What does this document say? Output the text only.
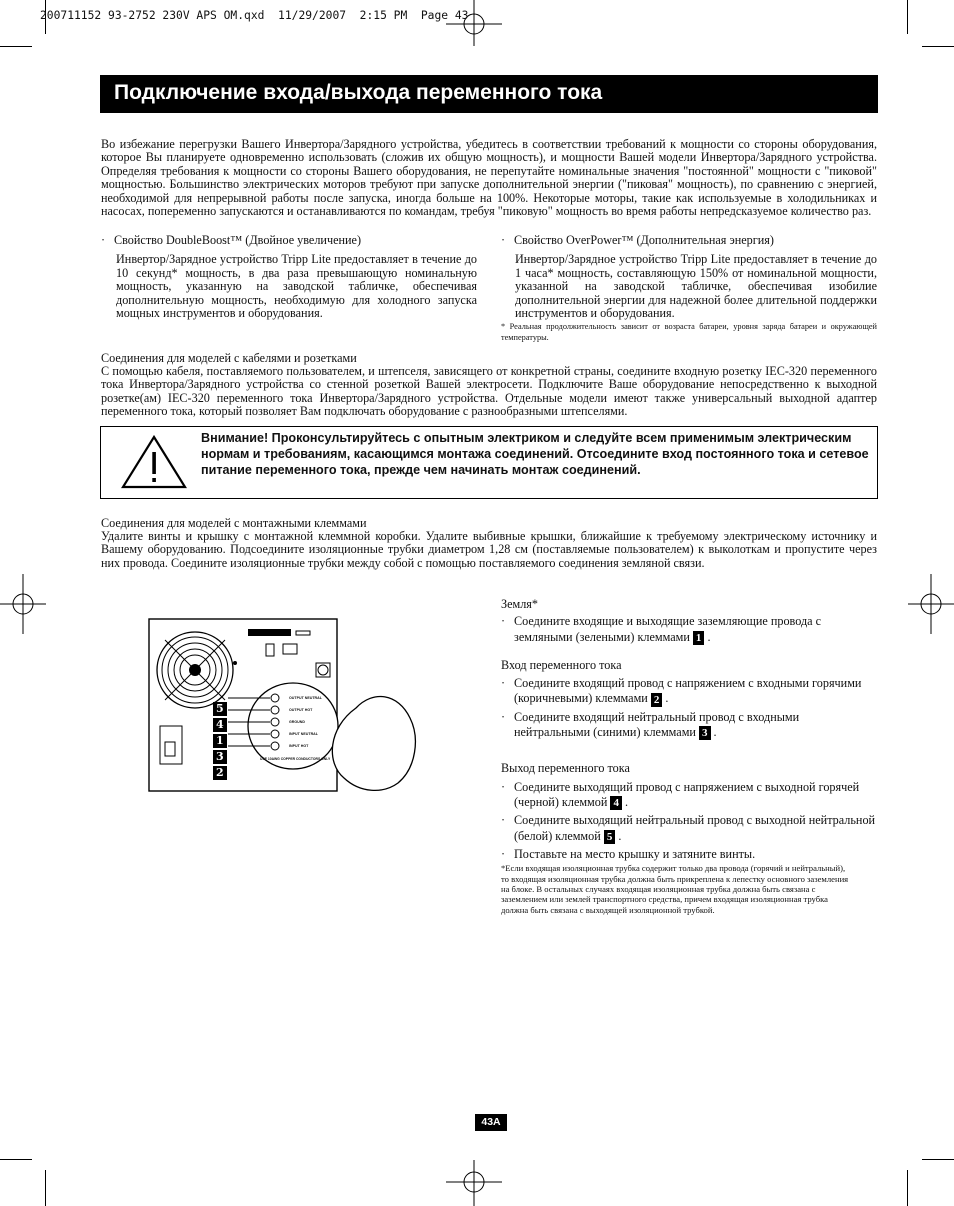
200711152 93-2752 230V APS OM.qxd  11/29/2007  2:15 PM  Page 43
Подключение входа/выхода переменного тока
Во избежание перегрузки Вашего Инвертора/Зарядного устройства, убедитесь в соответствии требований к мощности со стороны оборудования, которое Вы планируете одновременно использовать (сложив их общую мощность), и мощности Вашей модели Инвертора/Зарядного устройства. Определяя требования к мощности со стороны Вашего оборудования, не перепутайте номинальные значения "постоянной" мощности с "пиковой" мощностью. Большинство электрических моторов требуют при запуске дополнительной энергии ("пиковая" мощность), по сравнению с энергией, необходимой для непрерывной работы после запуска, иногда больше на 100%. Некоторые моторы, такие как используемые в холодильниках и насосах, попеременно запускаются и останавливаются по командам, требуя "пиковую" мощность во время работы непредсказуемое количество раз.
· Свойство DoubleBoost™ (Двойное увеличение)
Инвертор/Зарядное устройство Tripp Lite предоставляет в течение до 10 секунд* мощность, в два раза превышающую номинальную мощность, указанную на заводской табличке, обеспечивая дополнительную мощность, необходимую для холодного запуска мощных инструментов и оборудования.
· Свойство OverPower™ (Дополнительная энергия)
Инвертор/Зарядное устройство Tripp Lite предоставляет в течение до 1 часа* мощность, составляющую 150% от номинальной мощности, указанной на заводской табличке, обеспечивая изобилие дополнительной энергии для надежной более длительной поддержки инструментов и оборудования.
* Реальная продолжительность зависит от возраста батареи, уровня заряда батареи и окружающей температуры.
Соединения для моделей с кабелями и розетками
С помощью кабеля, поставляемого пользователем, и штепселя, зависящего от конкретной страны, соедините входную розетку IEC-320 переменного тока Инвертора/Зарядного устройства со стенной розеткой Вашей электросети. Подключите Ваше оборудование непосредственно к выходной розетке(ам) IEC-320 переменного тока Инвертора/Зарядного устройства. Отдельные модели имеют также универсальный выходной адаптер переменного тока, который позволяет Вам подключать оборудование с разнообразными штепселями.
Внимание! Проконсультируйтесь с опытным электриком и следуйте всем применимым электрическим нормам и требованиям, касающимся монтажа соединений. Отсоедините вход постоянного тока и сетевое питание переменного тока, прежде чем начинать монтаж соединений.
Соединения для моделей с монтажными клеммами
Удалите винты и крышку с монтажной клеммной коробки. Удалите выбивные крышки, ближайшие к требуемому электрическому источнику и Вашему оборудованию. Подсоедините изоляционные трубки диаметром 1,28 см (поставляемые пользователем) к выколоткам и пропустите через них провода. Соедините изоляционные трубки между собой с помощью поставляемого соединения земляной связи.
5
4
1
3
2
OUTPUT NEUTRAL
OUTPUT HOT
GROUND
INPUT NEUTRAL
INPUT HOT
USE 10AWG COPPER CONDUCTORS ONLY
Земля*
· Соедините входящие и выходящие заземляющие провода с земляными (зелеными) клеммами 1 .
Вход переменного тока
· Соедините входящий провод с напряжением с входными горячими (коричневыми) клеммами 2 .
· Соедините входящий нейтральный провод с входными нейтральными (синими) клеммами 3 .
Выход переменного тока
· Соедините выходящий провод с напряжением с выходной горячей (черной) клеммой 4 .
· Соедините выходящий нейтральный провод с выходной нейтральной (белой) клеммой 5 .
· Поставьте на место крышку и затяните винты.
*Если входящая изоляционная трубка содержит только два провода (горячий и нейтральный), то входящая изоляционная трубка должна быть прикреплена к лепестку основного заземления на блоке. В остальных случаях входящая изоляционная трубка должна быть связана с заземлением или землей транспортного средства, причем входящая изоляционная трубка должна быть связана с выходящей изоляционной трубкой.
43A
